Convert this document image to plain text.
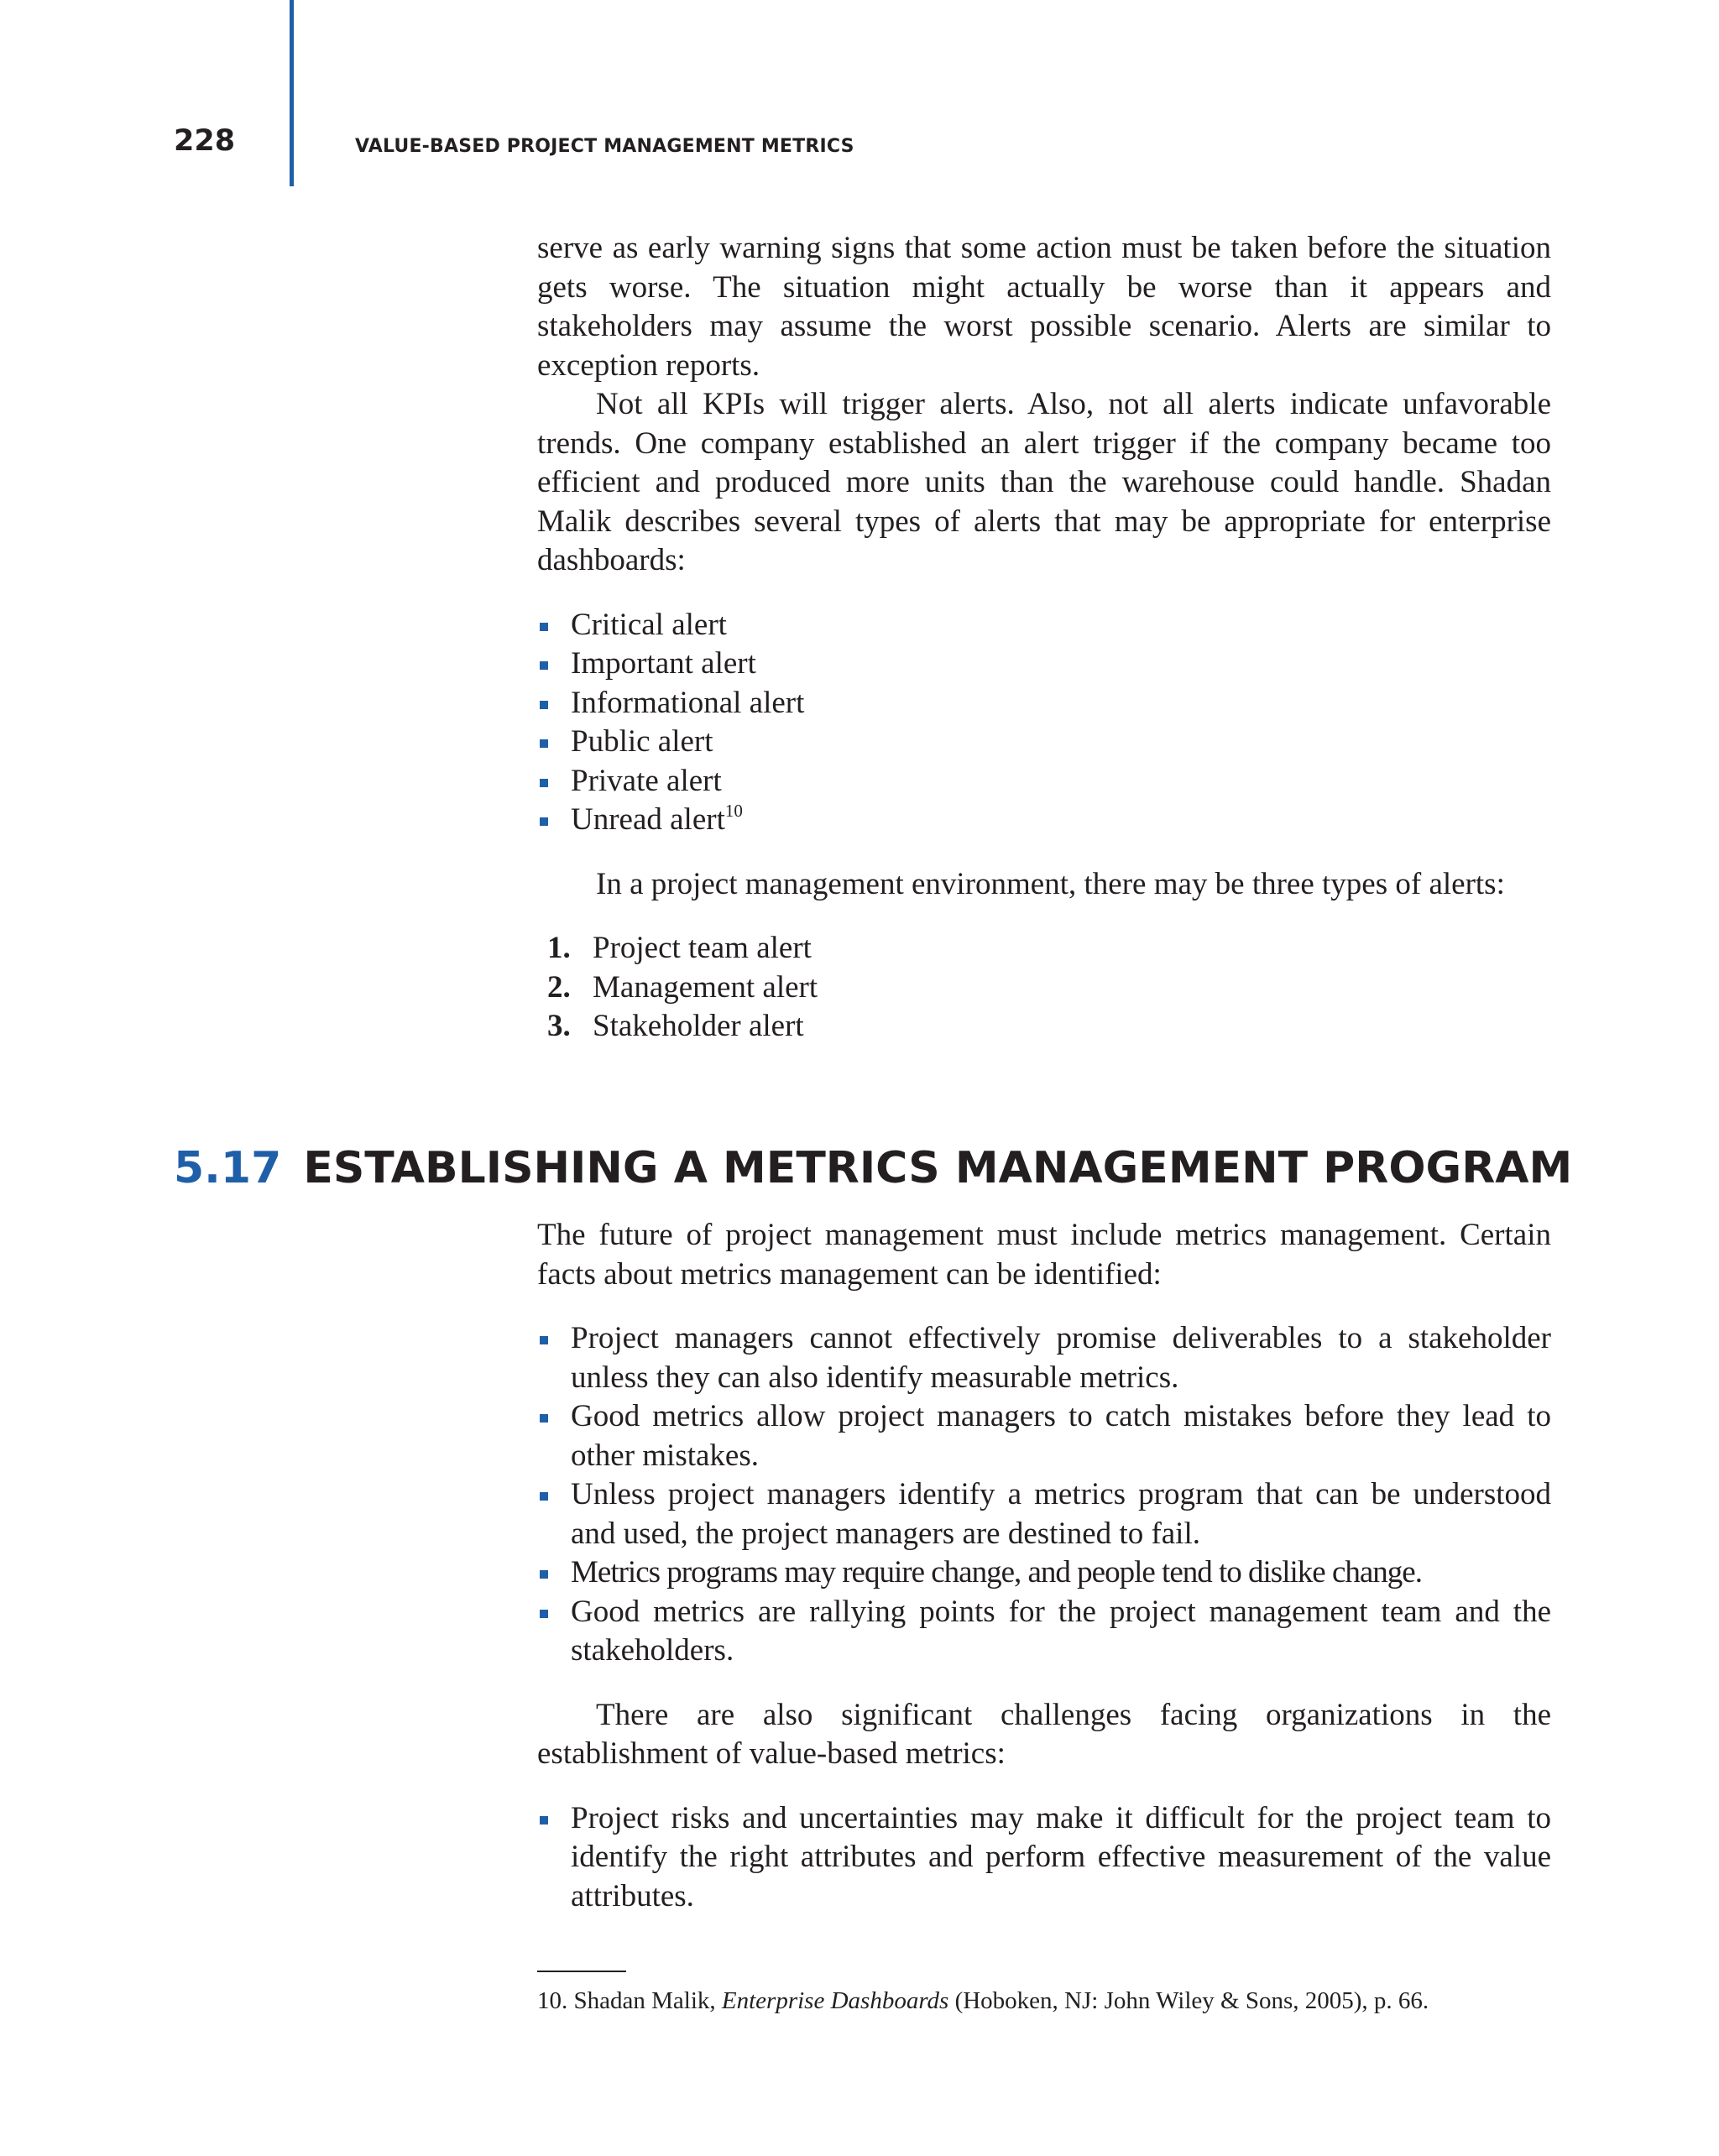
228	VALUE-BASED PROJECT MANAGEMENT METRICS

serve as early warning signs that some action must be taken before the situation gets worse. The situation might actually be worse than it appears and stakeholders may assume the worst possible scenario. Alerts are similar to exception reports.

Not all KPIs will trigger alerts. Also, not all alerts indicate unfavorable trends. One company established an alert trigger if the company became too efficient and produced more units than the warehouse could handle. Shadan Malik describes several types of alerts that may be appropriate for enterprise dashboards:

Critical alert
Important alert
Informational alert
Public alert
Private alert
Unread alert$^{10}$

In a project management environment, there may be three types of alerts:

1. Project team alert
2. Management alert
3. Stakeholder alert
5.17 ESTABLISHING A METRICS MANAGEMENT PROGRAM

The future of project management must include metrics management. Certain facts about metrics management can be identified:

Project managers cannot effectively promise deliverables to a stakeholder unless they can also identify measurable metrics.
Good metrics allow project managers to catch mistakes before they lead to other mistakes.
Unless project managers identify a metrics program that can be understood and used, the project managers are destined to fail.
Metrics programs may require change, and people tend to dislike change.
Good metrics are rallying points for the project management team and the stakeholders.

There are also significant challenges facing organizations in the establishment of value-based metrics:

Project risks and uncertainties may make it difficult for the project team to identify the right attributes and perform effective measurement of the value attributes.
10. Shadan Malik, Enterprise Dashboards (Hoboken, NJ: John Wiley & Sons, 2005), p. 66.
